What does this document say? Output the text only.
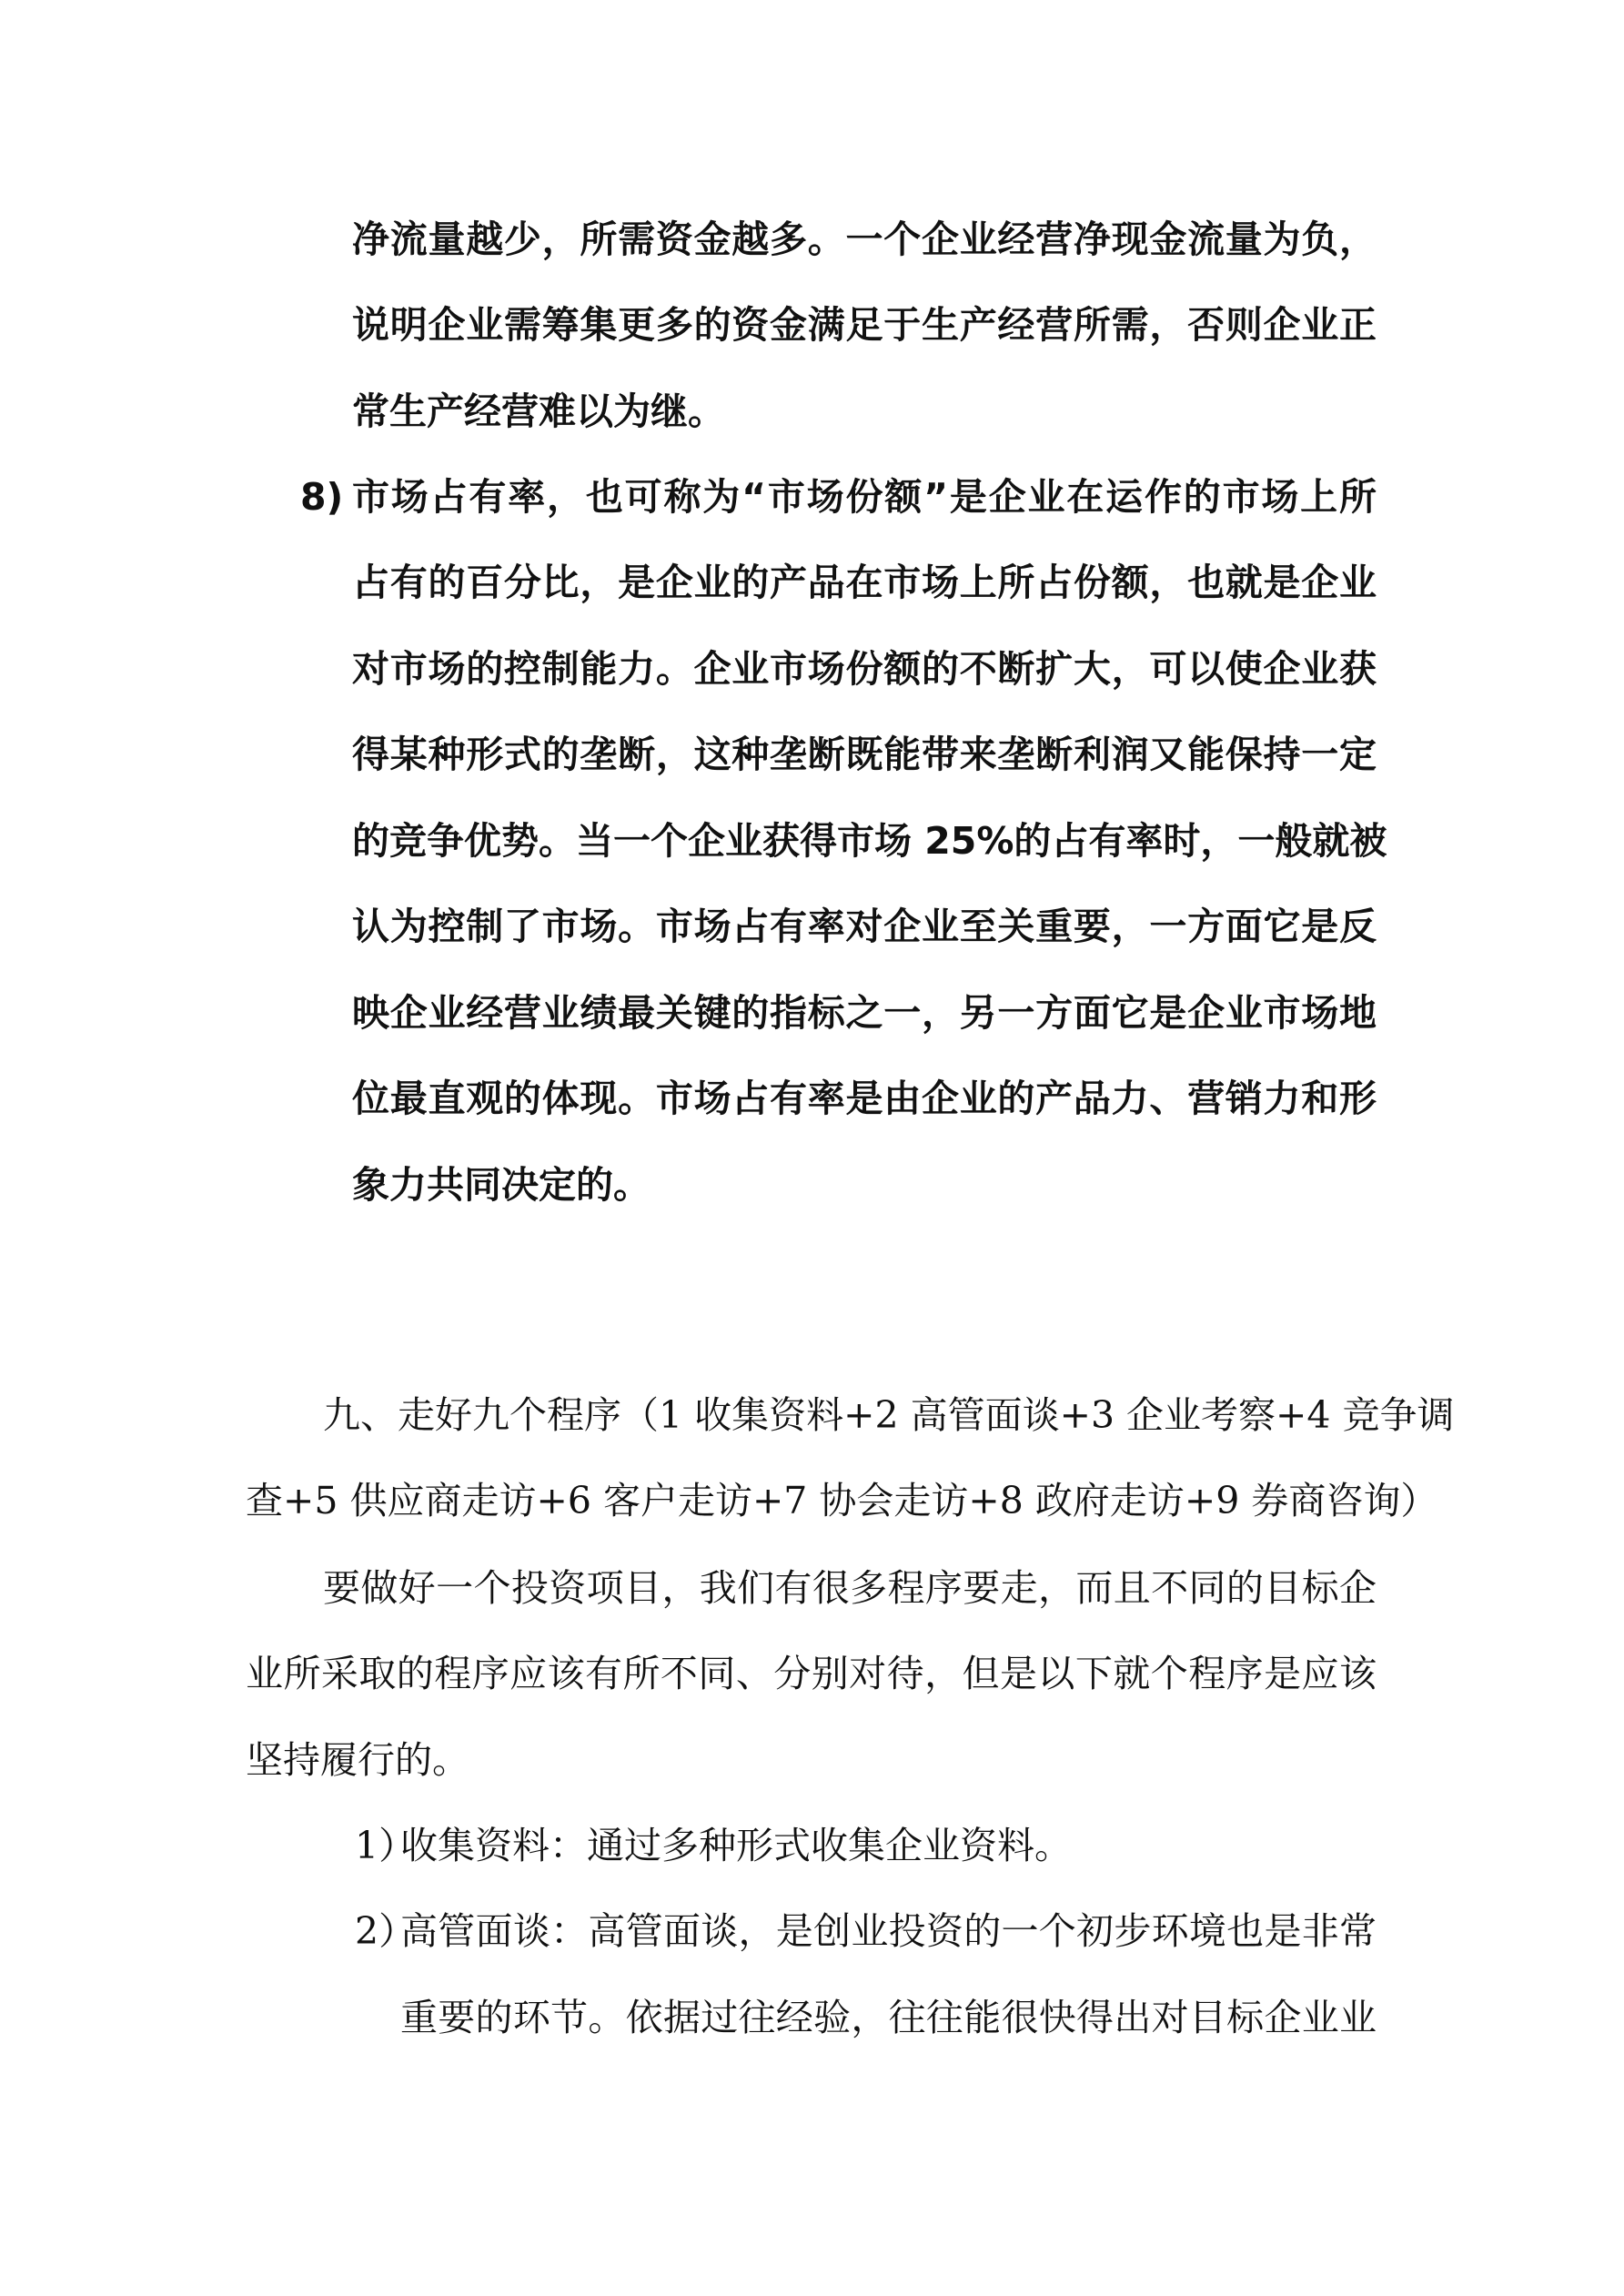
净流量越少，所需资金越多。一个企业经营净现金流量为负，
说明企业需筹集更多的资金满足于生产经营所需，否则企业正
常生产经营难以为继。
8) 市场占有率，也可称为“市场份额”是企业在运作的市场上所
占有的百分比，是企业的产品在市场上所占份额，也就是企业
对市场的控制能力。企业市场份额的不断扩大，可以使企业获
得某种形式的垄断，这种垄断既能带来垄断利润又能保持一定
的竞争优势。当一个企业获得市场 25%的占有率时，一般就被
认为控制了市场。市场占有率对企业至关重要，一方面它是反
映企业经营业绩最关键的指标之一，另一方面它是企业市场地
位最直观的体现。市场占有率是由企业的产品力、营销力和形
象力共同决定的。
九、走好九个程序（1 收集资料+2 高管面谈+3 企业考察+4 竞争调
查+5 供应商走访+6 客户走访+7 协会走访+8 政府走访+9 券商咨询）
要做好一个投资项目，我们有很多程序要走，而且不同的目标企
业所采取的程序应该有所不同、分别对待，但是以下就个程序是应该
坚持履行的。
1）
收集资料：通过多种形式收集企业资料。
2）
高管面谈：高管面谈，是创业投资的一个初步环境也是非常
重要的环节。依据过往经验，往往能很快得出对目标企业业
